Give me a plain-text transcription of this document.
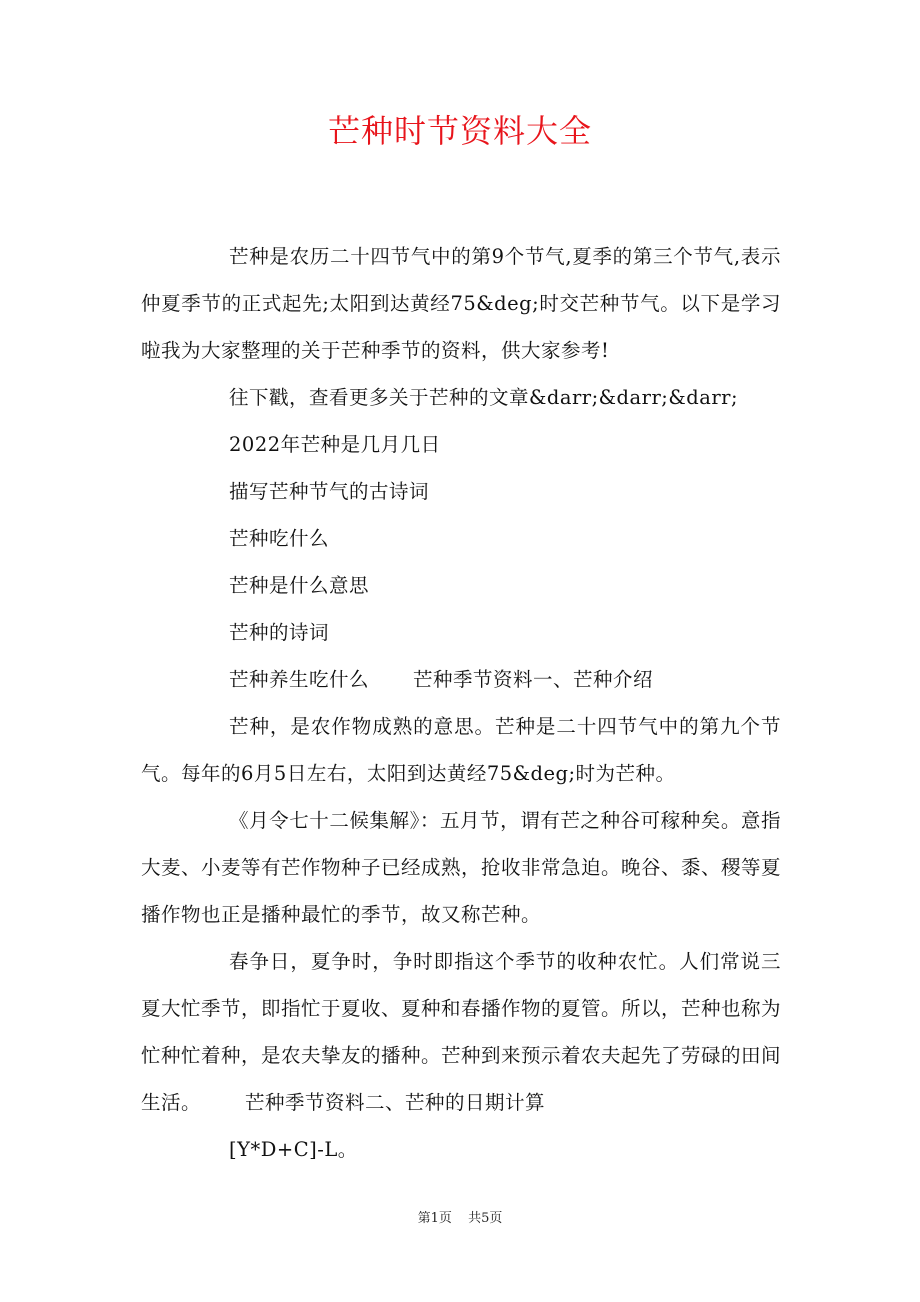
芒种时节资料大全

芒种是农历二十四节气中的第9个节气,夏季的第三个节气,表示仲夏季节的正式起先;太阳到达黄经75&deg;时交芒种节气。以下是学习啦我为大家整理的关于芒种季节的资料，供大家参考!

往下戳，查看更多关于芒种的文章&darr;&darr;&darr;

2022年芒种是几月几日

描写芒种节气的古诗词

芒种吃什么

芒种是什么意思

芒种的诗词

芒种养生吃什么 芒种季节资料一、芒种介绍

芒种，是农作物成熟的意思。芒种是二十四节气中的第九个节气。每年的6月5日左右，太阳到达黄经75&deg;时为芒种。

《月令七十二候集解》：五月节，谓有芒之种谷可稼种矣。意指大麦、小麦等有芒作物种子已经成熟，抢收非常急迫。晚谷、黍、稷等夏播作物也正是播种最忙的季节，故又称芒种。

春争日，夏争时，争时即指这个季节的收种农忙。人们常说三夏大忙季节，即指忙于夏收、夏种和春播作物的夏管。所以，芒种也称为忙种忙着种，是农夫挚友的播种。芒种到来预示着农夫起先了劳碌的田间生活。 芒种季节资料二、芒种的日期计算

[Y*D+C]-L。

第1页 共5页
